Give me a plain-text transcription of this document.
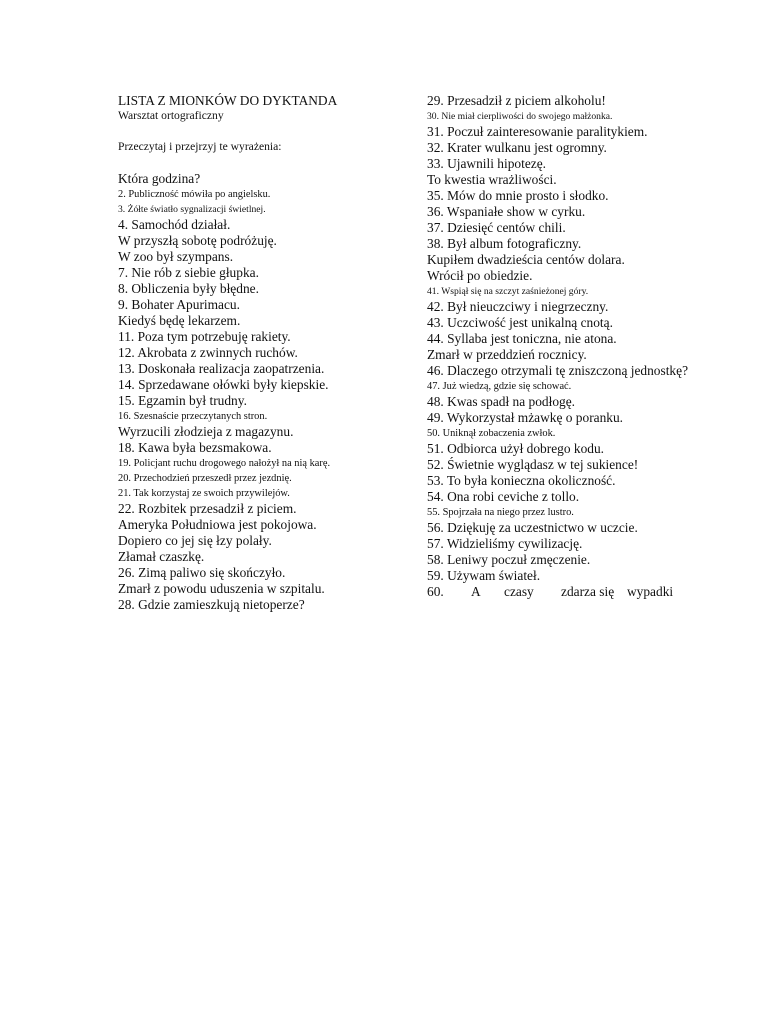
LISTA Z MIONKÓW DO DYKTANDA
Warsztat ortograficzny
Przeczytaj i przejrzyj te wyrażenia:
Która godzina?
2. Publiczność mówiła po angielsku.
3. Żółte światło sygnalizacji świetlnej.
4. Samochód działał.
W przyszłą sobotę podróżuję.
W zoo był szympans.
7. Nie rób z siebie głupka.
8. Obliczenia były błędne.
9. Bohater Apurimacu.
Kiedyś będę lekarzem.
11. Poza tym potrzebuję rakiety.
12. Akrobata z zwinnych ruchów.
13. Doskonała realizacja zaopatrzenia.
14. Sprzedawane ołówki były kiepskie.
15. Egzamin był trudny.
16. Szesnaście przeczytanych stron.
Wyrzucili złodzieja z magazynu.
18. Kawa była bezsmakowa.
19. Policjant ruchu drogowego nałożył na nią karę.
20. Przechodzień przeszedł przez jezdnię.
21. Tak korzystaj ze swoich przywilejów.
22. Rozbitek przesadził z piciem.
Ameryka Południowa jest pokojowa.
Dopiero co jej się łzy polały.
Złamał czaszkę.
26. Zimą paliwo się skończyło.
Zmarł z powodu uduszenia w szpitalu.
28. Gdzie zamieszkują nietoperze?
29. Przesadził z piciem alkoholu!
30. Nie miał cierpliwości do swojego małżonka.
31. Poczuł zainteresowanie paralitykiem.
32. Krater wulkanu jest ogromny.
33. Ujawnili hipotezę.
To kwestia wrażliwości.
35. Mów do mnie prosto i słodko.
36. Wspaniałe show w cyrku.
37. Dziesięć centów chili.
38. Był album fotograficzny.
Kupiłem dwadzieścia centów dolara.
Wrócił po obiedzie.
41. Wspiął się na szczyt zaśnieżonej góry.
42. Był nieuczciwy i niegrzeczny.
43. Uczciwość jest unikalną cnotą.
44. Syllaba jest toniczna, nie atona.
Zmarł w przeddzień rocznicy.
46. Dlaczego otrzymali tę zniszczoną jednostkę?
47. Już wiedzą, gdzie się schować.
48. Kwas spadł na podłogę.
49. Wykorzystał mżawkę o poranku.
50. Uniknął zobaczenia zwłok.
51. Odbiorca użył dobrego kodu.
52. Świetnie wyglądasz w tej sukience!
53. To była konieczna okoliczność.
54. Ona robi ceviche z tollo.
55. Spojrzała na niego przez lustro.
56. Dziękuję za uczestnictwo w uczcie.
57. Widzieliśmy cywilizację.
58. Leniwy poczuł zmęczenie.
59. Używam świateł.
60. A czasy zdarza się wypadki
